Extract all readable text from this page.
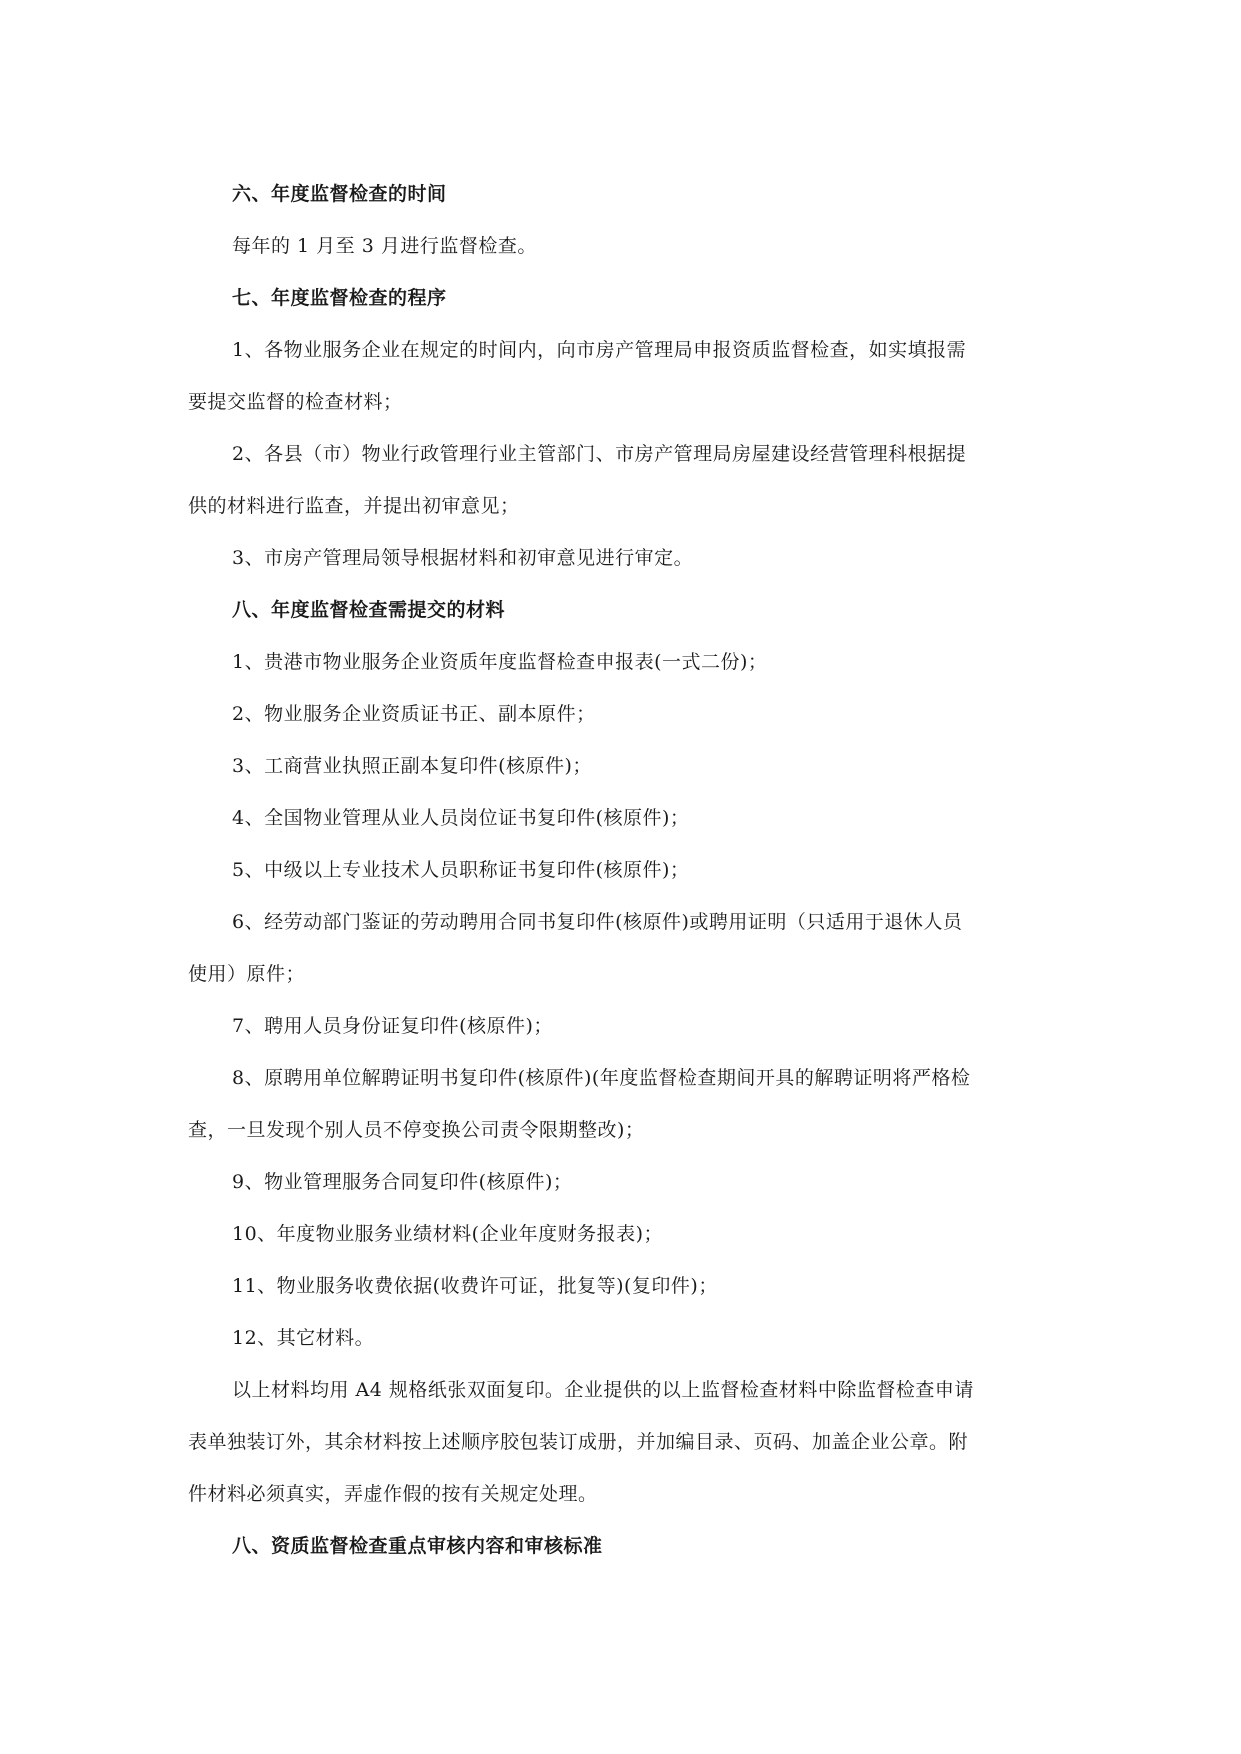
六、年度监督检查的时间
每年的 1 月至 3 月进行监督检查。
七、年度监督检查的程序
1、各物业服务企业在规定的时间内，向市房产管理局申报资质监督检查，如实填报需
要提交监督的检查材料；
2、各县（市）物业行政管理行业主管部门、市房产管理局房屋建设经营管理科根据提
供的材料进行监查，并提出初审意见；
3、市房产管理局领导根据材料和初审意见进行审定。
八、年度监督检查需提交的材料
1、贵港市物业服务企业资质年度监督检查申报表(一式二份)；
2、物业服务企业资质证书正、副本原件；
3、工商营业执照正副本复印件(核原件)；
4、全国物业管理从业人员岗位证书复印件(核原件)；
5、中级以上专业技术人员职称证书复印件(核原件)；
6、经劳动部门鉴证的劳动聘用合同书复印件(核原件)或聘用证明（只适用于退休人员
使用）原件；
7、聘用人员身份证复印件(核原件)；
8、原聘用单位解聘证明书复印件(核原件)(年度监督检查期间开具的解聘证明将严格检
查，一旦发现个别人员不停变换公司责令限期整改)；
9、物业管理服务合同复印件(核原件)；
10、年度物业服务业绩材料(企业年度财务报表)；
11、物业服务收费依据(收费许可证，批复等)(复印件)；
12、其它材料。
以上材料均用 A4 规格纸张双面复印。企业提供的以上监督检查材料中除监督检查申请
表单独装订外，其余材料按上述顺序胶包装订成册，并加编目录、页码、加盖企业公章。附
件材料必须真实，弄虚作假的按有关规定处理。
八、资质监督检查重点审核内容和审核标准
